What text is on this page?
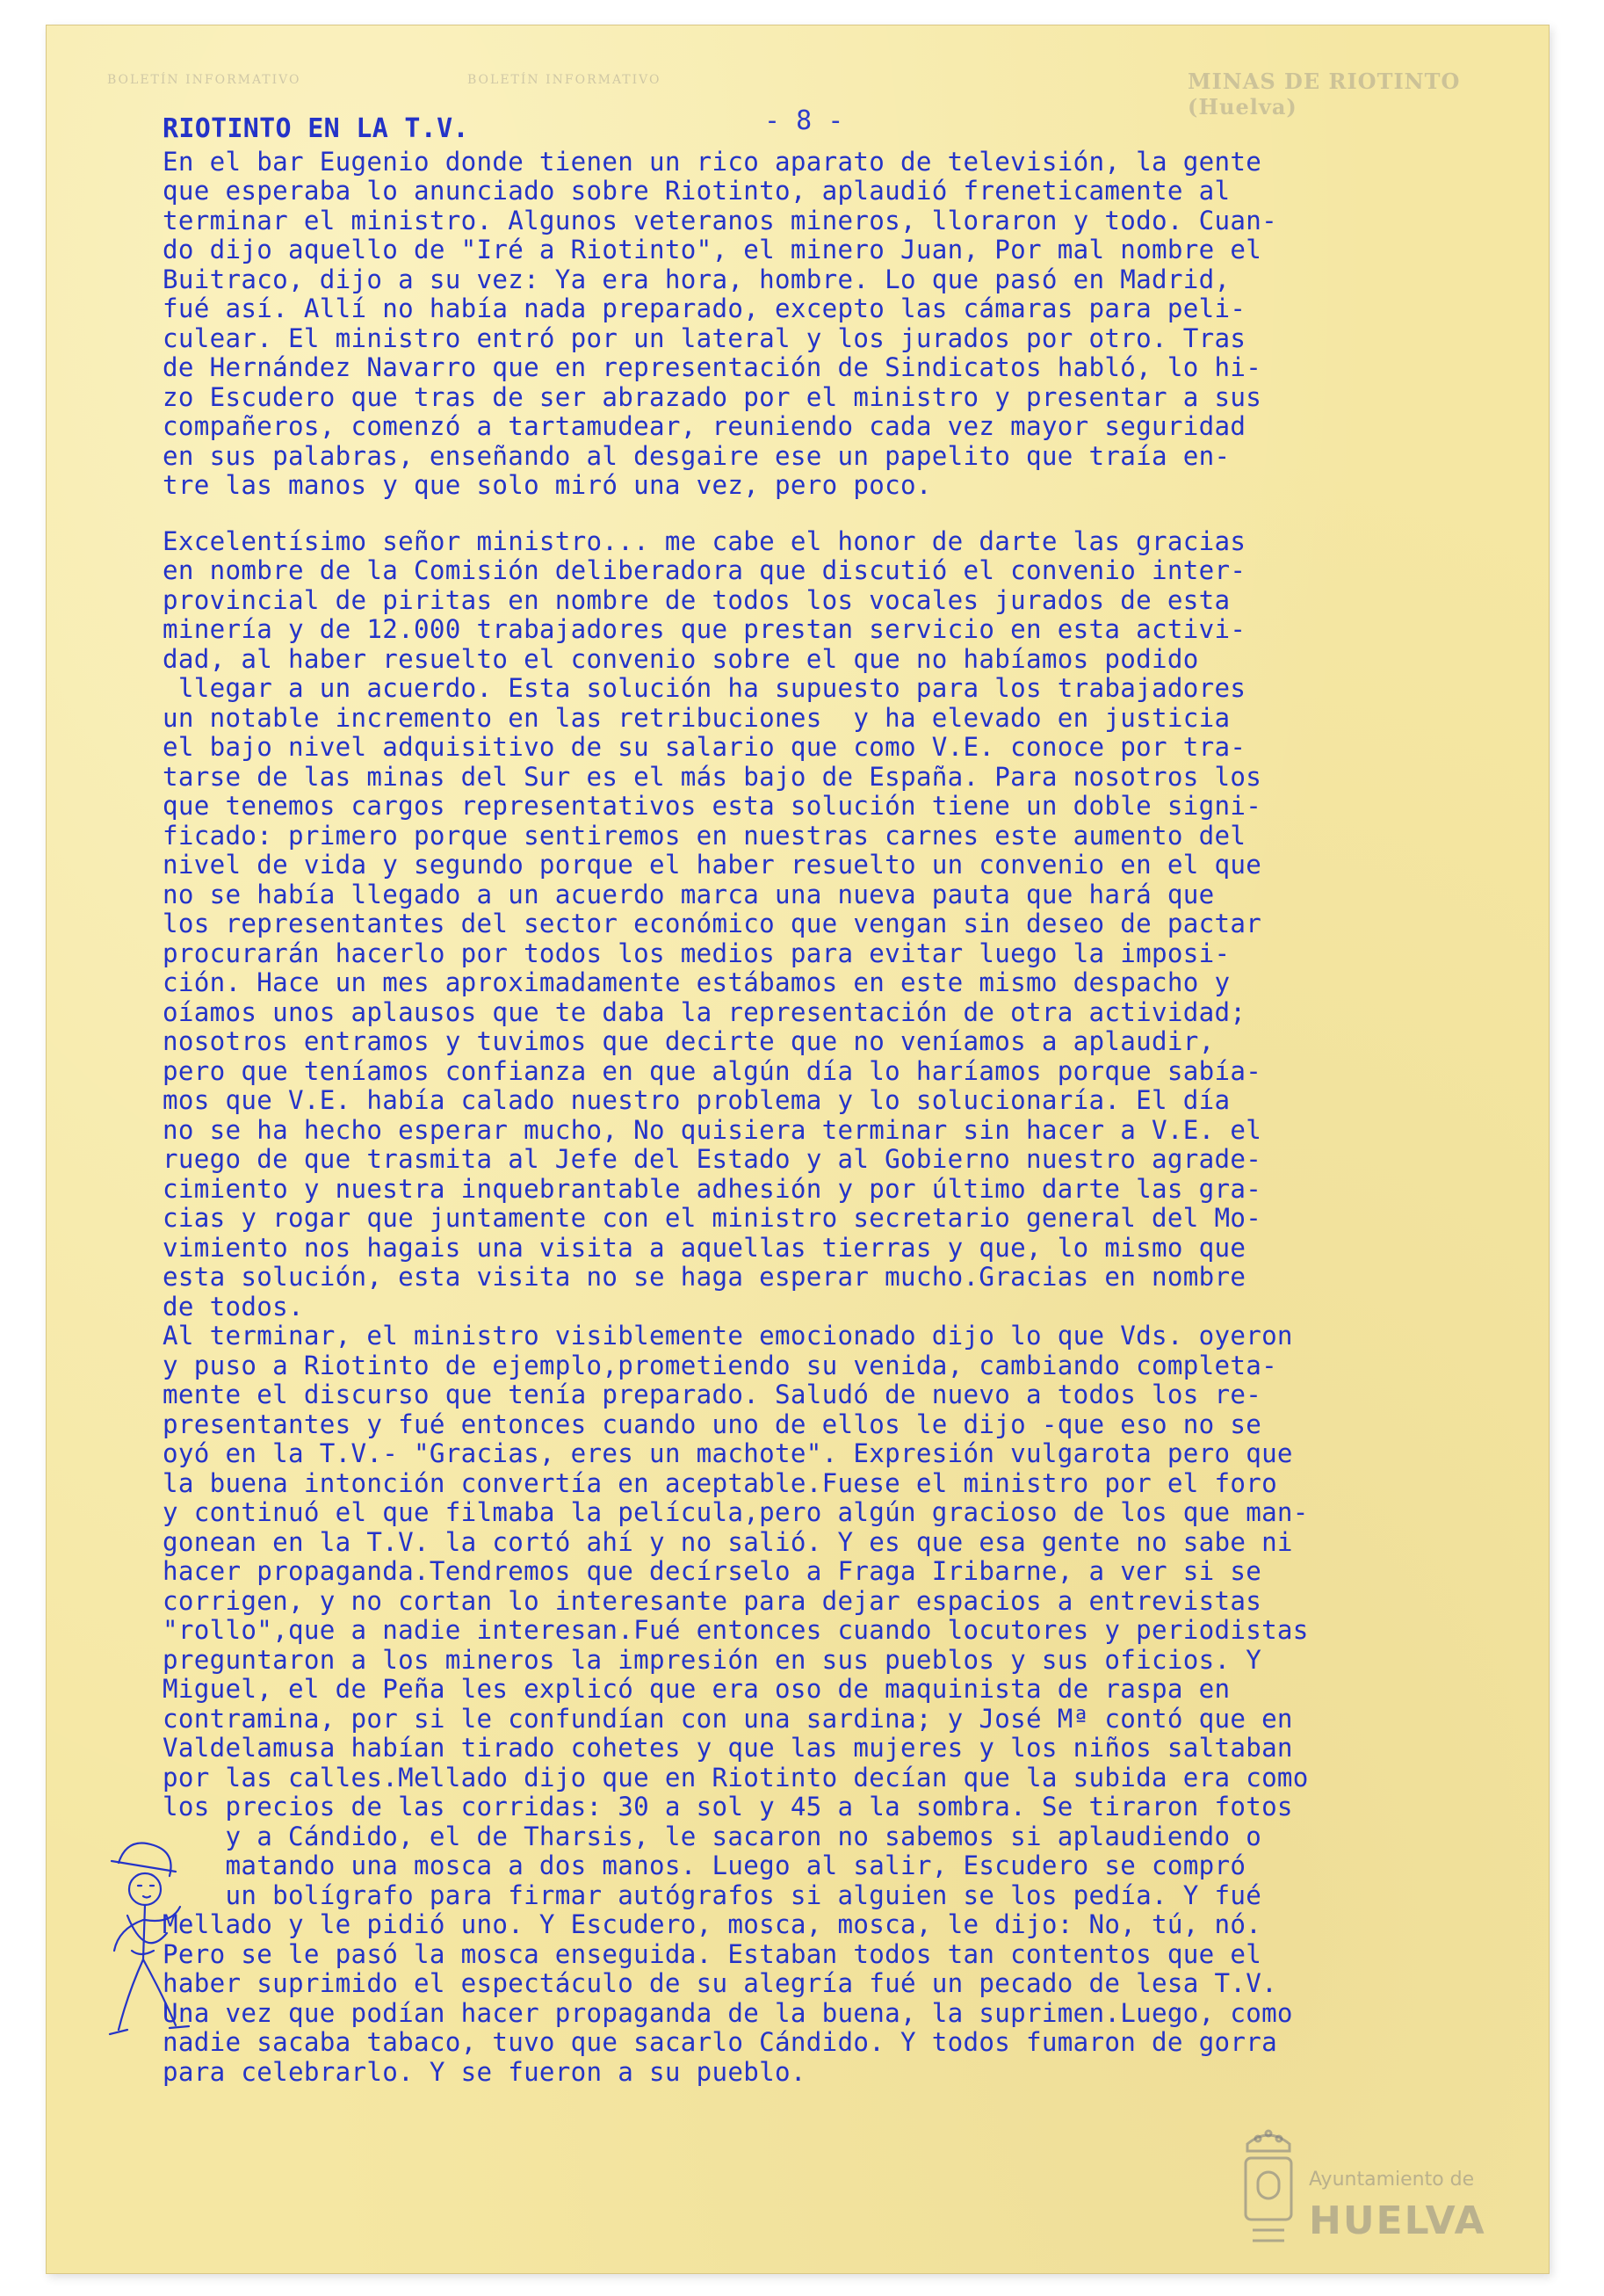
BOLETÍN INFORMATIVO	BOLETÍN INFORMATIVO	MINAS DE RIOTINTO (Huelva)
- 8 -
RIOTINTO EN LA T.V.
En el bar Eugenio donde tienen un rico aparato de televisión, la gente
que esperaba lo anunciado sobre Riotinto, aplaudió freneticamente al
terminar el ministro. Algunos veteranos mineros, lloraron y todo. Cuan-
do dijo aquello de "Iré a Riotinto", el minero Juan, Por mal nombre el
Buitraco, dijo a su vez: Ya era hora, hombre. Lo que pasó en Madrid,
fué así. Allí no había nada preparado, excepto las cámaras para peli-
culear. El ministro entró por un lateral y los jurados por otro. Tras
de Hernández Navarro que en representación de Sindicatos habló, lo hi-
zo Escudero que tras de ser abrazado por el ministro y presentar a sus
compañeros, comenzó a tartamudear, reuniendo cada vez mayor seguridad
en sus palabras, enseñando al desgaire ese un papelito que traía en-
tre las manos y que solo miró una vez, pero poco.
Excelentísimo señor ministro... me cabe el honor de darte las gracias
en nombre de la Comisión deliberadora que discutió el convenio inter-
provincial de piritas en nombre de todos los vocales jurados de esta
minería y de 12.000 trabajadores que prestan servicio en esta activi-
dad, al haber resuelto el convenio sobre el que no habíamos podido
llegar a un acuerdo. Esta solución ha supuesto para los trabajadores
un notable incremento en las retribuciones  y ha elevado en justicia
el bajo nivel adquisitivo de su salario que como V.E. conoce por tra-
tarse de las minas del Sur es el más bajo de España. Para nosotros los
que tenemos cargos representativos esta solución tiene un doble signi-
ficado: primero porque sentiremos en nuestras carnes este aumento del
nivel de vida y segundo porque el haber resuelto un convenio en el que
no se había llegado a un acuerdo marca una nueva pauta que hará que
los representantes del sector económico que vengan sin deseo de pactar
procurarán hacerlo por todos los medios para evitar luego la imposi-
ción. Hace un mes aproximadamente estábamos en este mismo despacho y
oíamos unos aplausos que te daba la representación de otra actividad;
nosotros entramos y tuvimos que decirte que no veníamos a aplaudir,
pero que teníamos confianza en que algún día lo haríamos porque sabía-
mos que V.E. había calado nuestro problema y lo solucionaría. El día
no se ha hecho esperar mucho, No quisiera terminar sin hacer a V.E. el
ruego de que trasmita al Jefe del Estado y al Gobierno nuestro agrade-
cimiento y nuestra inquebrantable adhesión y por último darte las gra-
cias y rogar que juntamente con el ministro secretario general del Mo-
vimiento nos hagais una visita a aquellas tierras y que, lo mismo que
esta solución, esta visita no se haga esperar mucho.Gracias en nombre
de todos.
Al terminar, el ministro visiblemente emocionado dijo lo que Vds. oyeron
y puso a Riotinto de ejemplo,prometiendo su venida, cambiando completa-
mente el discurso que tenía preparado. Saludó de nuevo a todos los re-
presentantes y fué entonces cuando uno de ellos le dijo -que eso no se
oyó en la T.V.- "Gracias, eres un machote". Expresión vulgarota pero que
la buena intonción convertía en aceptable.Fuese el ministro por el foro
y continuó el que filmaba la película,pero algún gracioso de los que man-
gonean en la T.V. la cortó ahí y no salió. Y es que esa gente no sabe ni
hacer propaganda.Tendremos que decírselo a Fraga Iribarne, a ver si se
corrigen, y no cortan lo interesante para dejar espacios a entrevistas
"rollo",que a nadie interesan.Fué entonces cuando locutores y periodistas
preguntaron a los mineros la impresión en sus pueblos y sus oficios. Y
Miguel, el de Peña les explicó que era oso de maquinista de raspa en
contramina, por si le confundían con una sardina; y José Mª contó que en
Valdelamusa habían tirado cohetes y que las mujeres y los niños saltaban
por las calles.Mellado dijo que en Riotinto decían que la subida era como
los precios de las corridas: 30 a sol y 45 a la sombra. Se tiraron fotos
y a Cándido, el de Tharsis, le sacaron no sabemos si aplaudiendo o
matando una mosca a dos manos. Luego al salir, Escudero se compró
un bolígrafo para firmar autógrafos si alguien se los pedía. Y fué
Mellado y le pidió uno. Y Escudero, mosca, mosca, le dijo: No, tú, nó.
Pero se le pasó la mosca enseguida. Estaban todos tan contentos que el
haber suprimido el espectáculo de su alegría fué un pecado de lesa T.V.
Una vez que podían hacer propaganda de la buena, la suprimen.Luego, como
nadie sacaba tabaco, tuvo que sacarlo Cándido. Y todos fumaron de gorra
para celebrarlo. Y se fueron a su pueblo.
Ayuntamiento de
HUELVA
